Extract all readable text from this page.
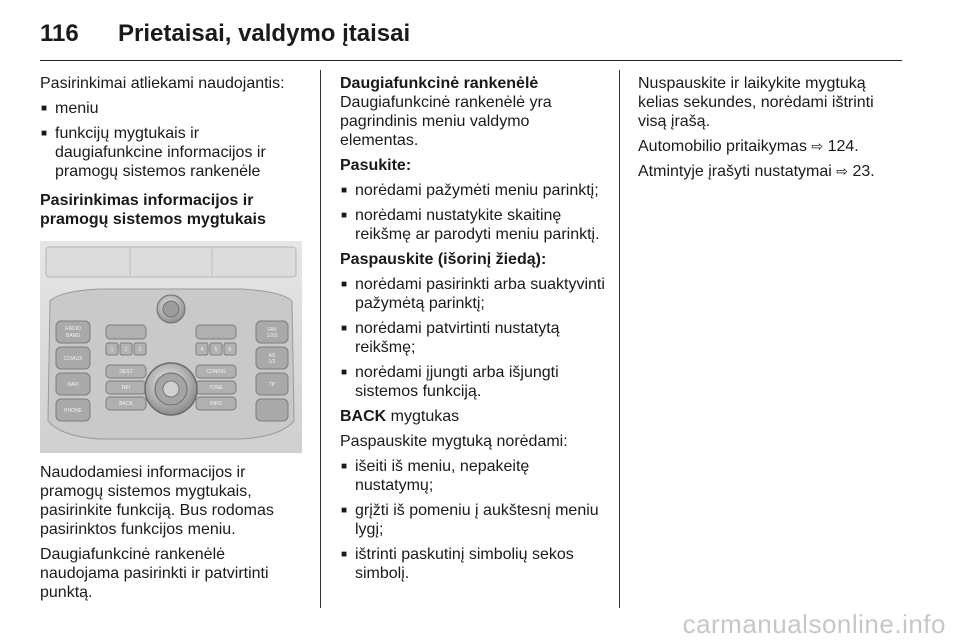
116	Prietaisai, valdymo įtaisai

Pasirinkimai atliekami naudojantis:

■ meniu
■ funkcijų mygtukais ir daugiafunkcine informacijos ir pramogų sistemos rankenėle

Pasirinkimas informacijos ir pramogų sistemos mygtukais

RADIO
BAND
CD/AUX
NAVI
PHONE
FAV
1/2/3
AS
1/2
TP
1 2 3	4 5 6
DEST
NFI
BACK
CONFIG
TONE
INFO

Naudodamiesi informacijos ir pramogų sistemos mygtukais, pasirinkite funkciją. Bus rodomas pasirinktos funkcijos meniu.

Daugiafunkcinė rankenėlė naudojama pasirinkti ir patvirtinti punktą.

Daugiafunkcinė rankenėlė

Daugiafunkcinė rankenėlė yra pagrindinis meniu valdymo elementas.

Pasukite:

■ norėdami pažymėti meniu parinktį;
■ norėdami nustatykite skaitinę reikšmę ar parodyti meniu parinktį.

Paspauskite (išorinį žiedą):

■ norėdami pasirinkti arba suaktyvinti pažymėtą parinktį;
■ norėdami patvirtinti nustatytą reikšmę;
■ norėdami įjungti arba išjungti sistemos funkciją.

BACK mygtukas

Paspauskite mygtuką norėdami:

■ išeiti iš meniu, nepakeitę nustatymų;
■ grįžti iš pomeniu į aukštesnį meniu lygį;
■ ištrinti paskutinį simbolių sekos simbolį.

Nuspauskite ir laikykite mygtuką kelias sekundes, norėdami ištrinti visą įrašą.

Automobilio pritaikymas ⇨ 124.

Atmintyje įrašyti nustatymai ⇨ 23.

carmanualsonline.info
